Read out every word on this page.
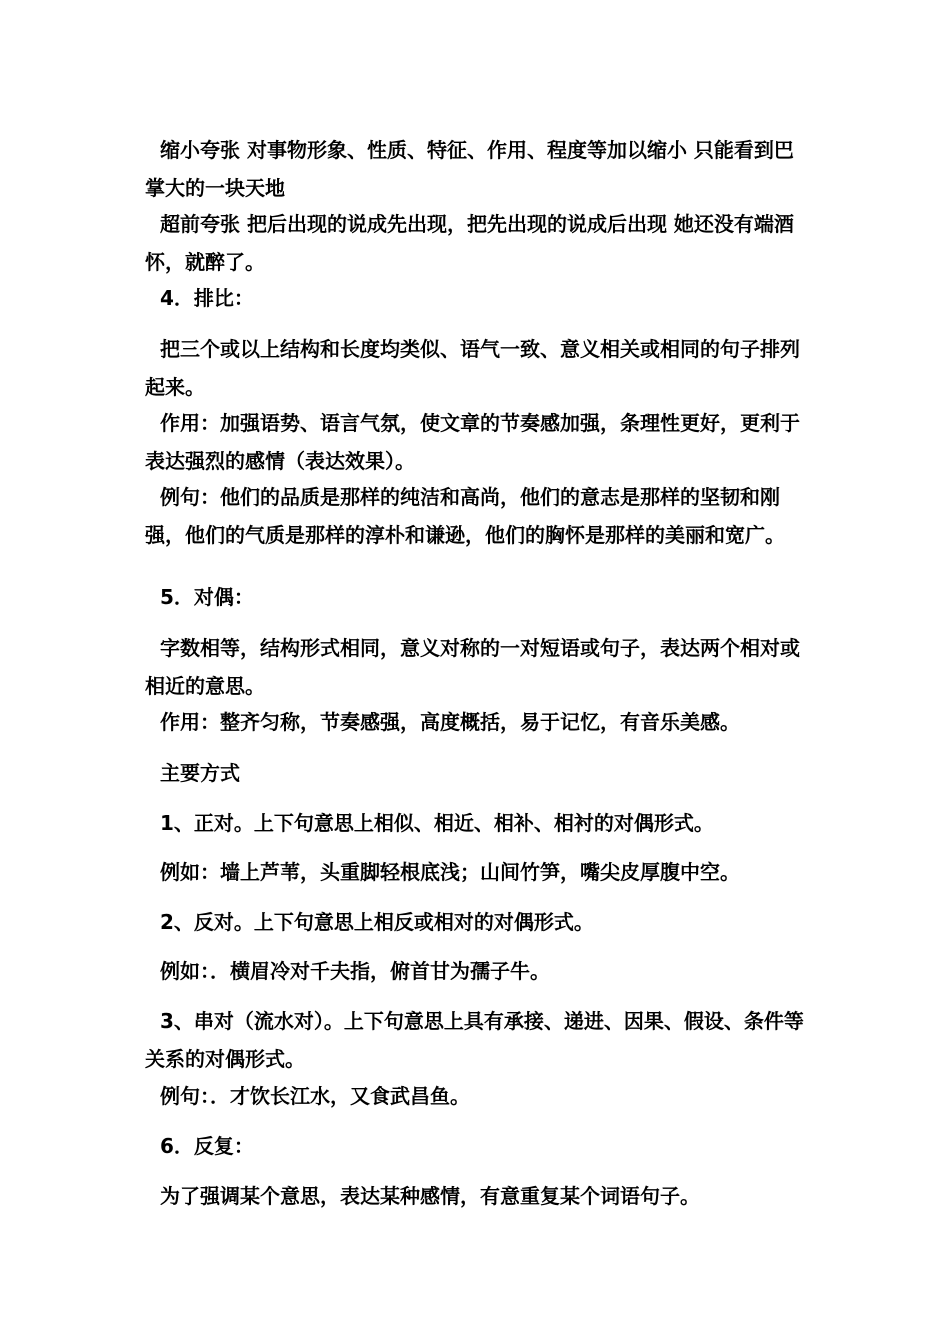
缩小夸张 对事物形象、性质、特征、作用、程度等加以缩小 只能看到巴掌大的一块天地

超前夸张 把后出现的说成先出现，把先出现的说成后出现 她还没有端酒怀，就醉了。

4．排比：

把三个或以上结构和长度均类似、语气一致、意义相关或相同的句子排列起来。

作用：加强语势、语言气氛，使文章的节奏感加强，条理性更好，更利于表达强烈的感情（表达效果）。

例句：他们的品质是那样的纯洁和高尚，他们的意志是那样的坚韧和刚强，他们的气质是那样的淳朴和谦逊，他们的胸怀是那样的美丽和宽广。

5．对偶：

字数相等，结构形式相同，意义对称的一对短语或句子，表达两个相对或相近的意思。

作用：整齐匀称，节奏感强，高度概括，易于记忆，有音乐美感。

主要方式

1、正对。上下句意思上相似、相近、相补、相衬的对偶形式。

例如：墙上芦苇，头重脚轻根底浅；山间竹笋，嘴尖皮厚腹中空。

2、反对。上下句意思上相反或相对的对偶形式。

例如：．横眉冷对千夫指，俯首甘为孺子牛。

3、串对（流水对）。上下句意思上具有承接、递进、因果、假设、条件等关系的对偶形式。

例句：．才饮长江水，又食武昌鱼。

6．反复：

为了强调某个意思，表达某种感情，有意重复某个词语句子。
